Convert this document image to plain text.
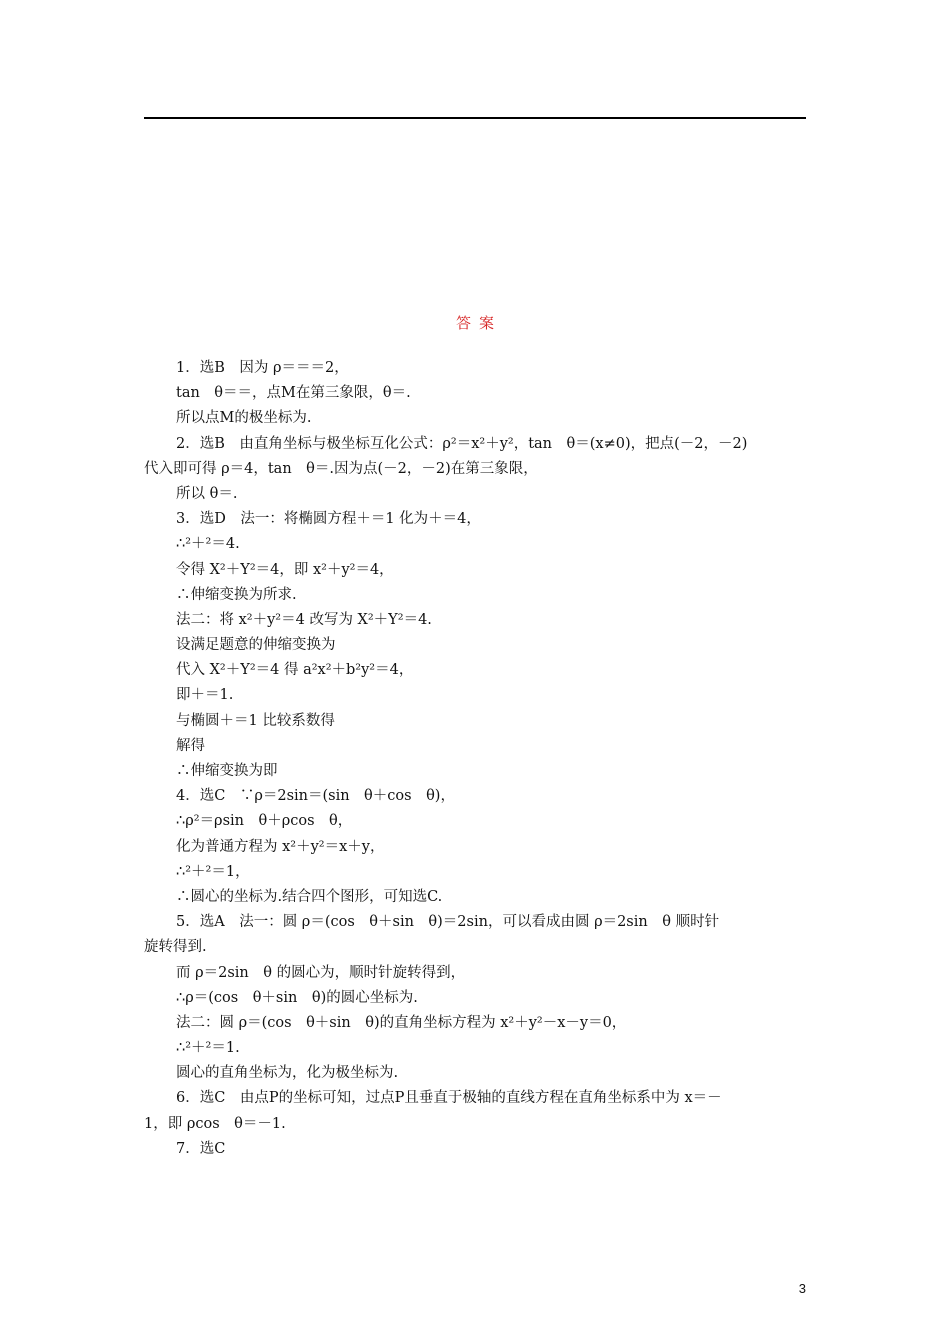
答案
1．选B　因为 ρ＝＝＝2，
tan　θ＝＝，点M在第三象限，θ＝.
所以点M的极坐标为.
2．选B　由直角坐标与极坐标互化公式：ρ²＝x²＋y²，tan　θ＝(x≠0)，把点(－2，－2)
代入即可得 ρ＝4，tan　θ＝.因为点(－2，－2)在第三象限，
所以 θ＝.
3．选D　法一：将椭圆方程＋＝1 化为＋＝4，
∴²＋²＝4.
令得 X²＋Y²＝4，即 x²＋y²＝4，
∴伸缩变换为所求.
法二：将 x²＋y²＝4 改写为 X²＋Y²＝4.
设满足题意的伸缩变换为
代入 X²＋Y²＝4 得 a²x²＋b²y²＝4，
即＋＝1.
与椭圆＋＝1 比较系数得
解得
∴伸缩变换为即
4．选C　∵ρ＝2sin＝(sin　θ＋cos　θ)，
∴ρ²＝ρsin　θ＋ρcos　θ，
化为普通方程为 x²＋y²＝x＋y，
∴²＋²＝1，
∴圆心的坐标为.结合四个图形，可知选C.
5．选A　法一：圆 ρ＝(cos　θ＋sin　θ)＝2sin，可以看成由圆 ρ＝2sin　θ 顺时针
旋转得到.
而 ρ＝2sin　θ 的圆心为，顺时针旋转得到，
∴ρ＝(cos　θ＋sin　θ)的圆心坐标为.
法二：圆 ρ＝(cos　θ＋sin　θ)的直角坐标方程为 x²＋y²－x－y＝0，
∴²＋²＝1.
圆心的直角坐标为，化为极坐标为.
6．选C　由点P的坐标可知，过点P且垂直于极轴的直线方程在直角坐标系中为 x＝－
1，即 ρcos　θ＝－1.
7．选C
3
